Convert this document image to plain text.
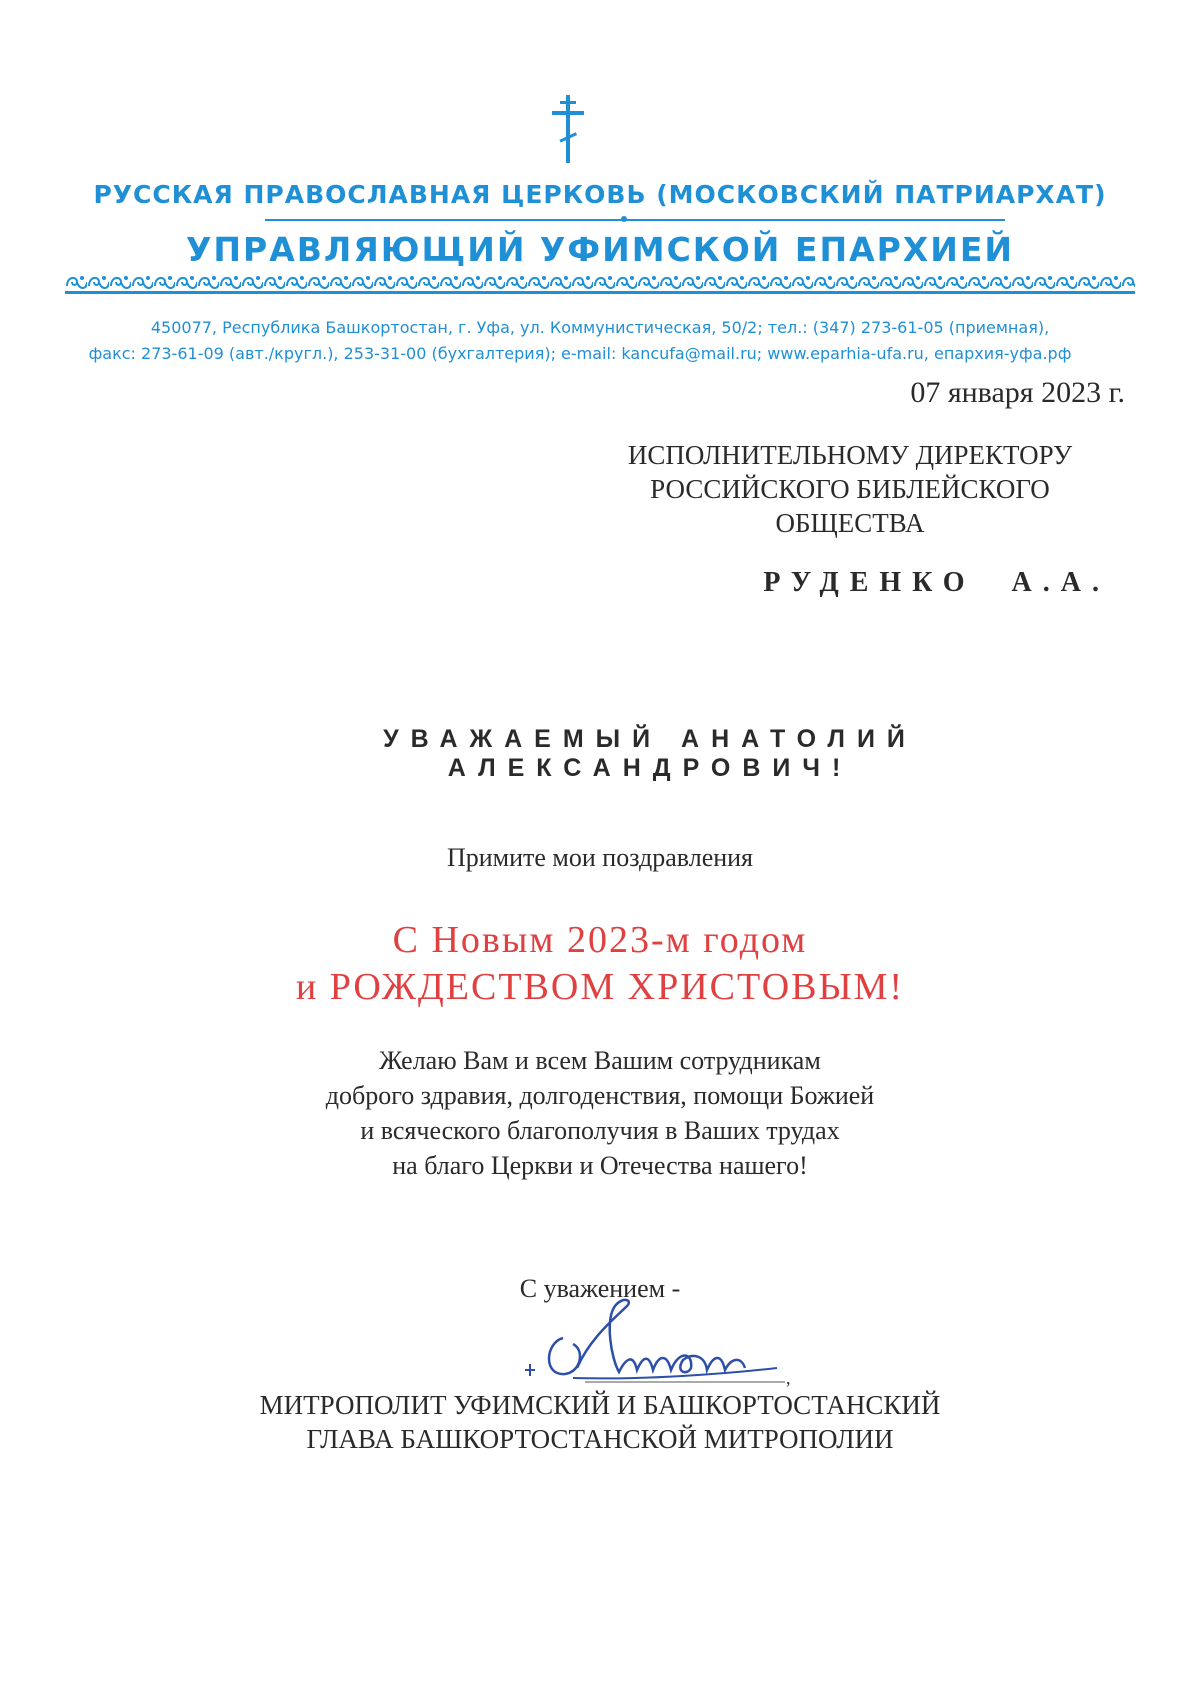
РУССКАЯ ПРАВОСЛАВНАЯ ЦЕРКОВЬ (МОСКОВСКИЙ ПАТРИАРХАТ)
УПРАВЛЯЮЩИЙ УФИМСКОЙ ЕПАРХИЕЙ
450077, Республика Башкортостан, г. Уфа, ул. Коммунистическая, 50/2; тел.: (347) 273-61-05 (приемная),
факс: 273-61-09 (авт./кругл.), 253-31-00 (бухгалтерия); e-mail: kancufa@mail.ru; www.eparhia-ufa.ru, епархия-уфа.рф
07 января 2023 г.
ИСПОЛНИТЕЛЬНОМУ ДИРЕКТОРУ
РОССИЙСКОГО БИБЛЕЙСКОГО
ОБЩЕСТВА
РУДЕНКО  А.А.
УВАЖАЕМЫЙ АНАТОЛИЙ АЛЕКСАНДРОВИЧ!
Примите мои поздравления
С Новым 2023-м годом
и РОЖДЕСТВОМ ХРИСТОВЫМ!
Желаю Вам и всем Вашим сотрудникам
доброго здравия, долгоденствия, помощи Божией
и всяческого благополучия в Ваших трудах
на благо Церкви и Отечества нашего!
С уважением -
,
МИТРОПОЛИТ УФИМСКИЙ И БАШКОРТОСТАНСКИЙ
ГЛАВА БАШКОРТОСТАНСКОЙ МИТРОПОЛИИ
